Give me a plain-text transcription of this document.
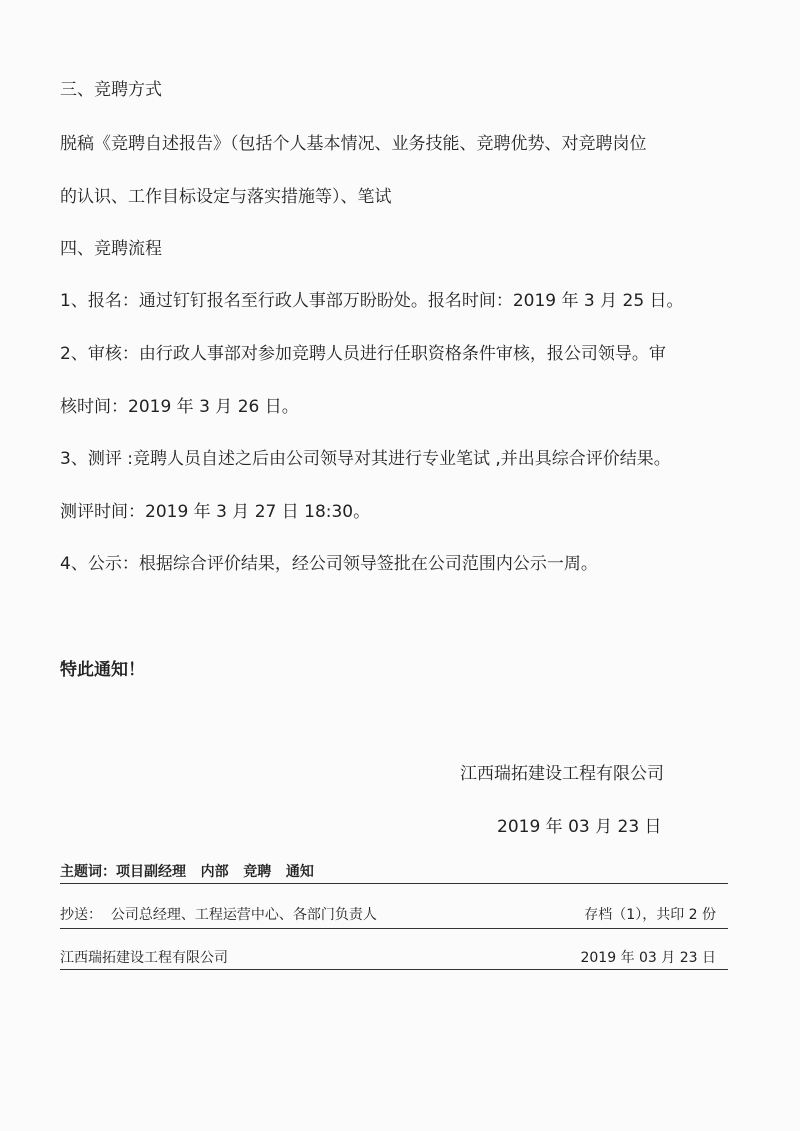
三、竞聘方式
脱稿《竞聘自述报告》（包括个人基本情况、业务技能、竞聘优势、对竞聘岗位
的认识、工作目标设定与落实措施等）、笔试
四、竞聘流程
1、报名：通过钉钉报名至行政人事部万盼盼处。报名时间：2019 年 3 月 25 日。
2、审核：由行政人事部对参加竞聘人员进行任职资格条件审核，报公司领导。审
核时间：2019 年 3 月 26 日。
3、测评 :竞聘人员自述之后由公司领导对其进行专业笔试 ,并出具综合评价结果。
测评时间：2019 年 3 月 27 日 18:30。
4、公示：根据综合评价结果，经公司领导签批在公司范围内公示一周。
特此通知！
江西瑞拓建设工程有限公司
2019 年 03 月 23 日
主题词：项目副经理   内部   竞聘   通知
抄送：  公司总经理、工程运营中心、各部门负责人	存档（1），共印 2 份
江西瑞拓建设工程有限公司	2019 年 03 月 23 日
